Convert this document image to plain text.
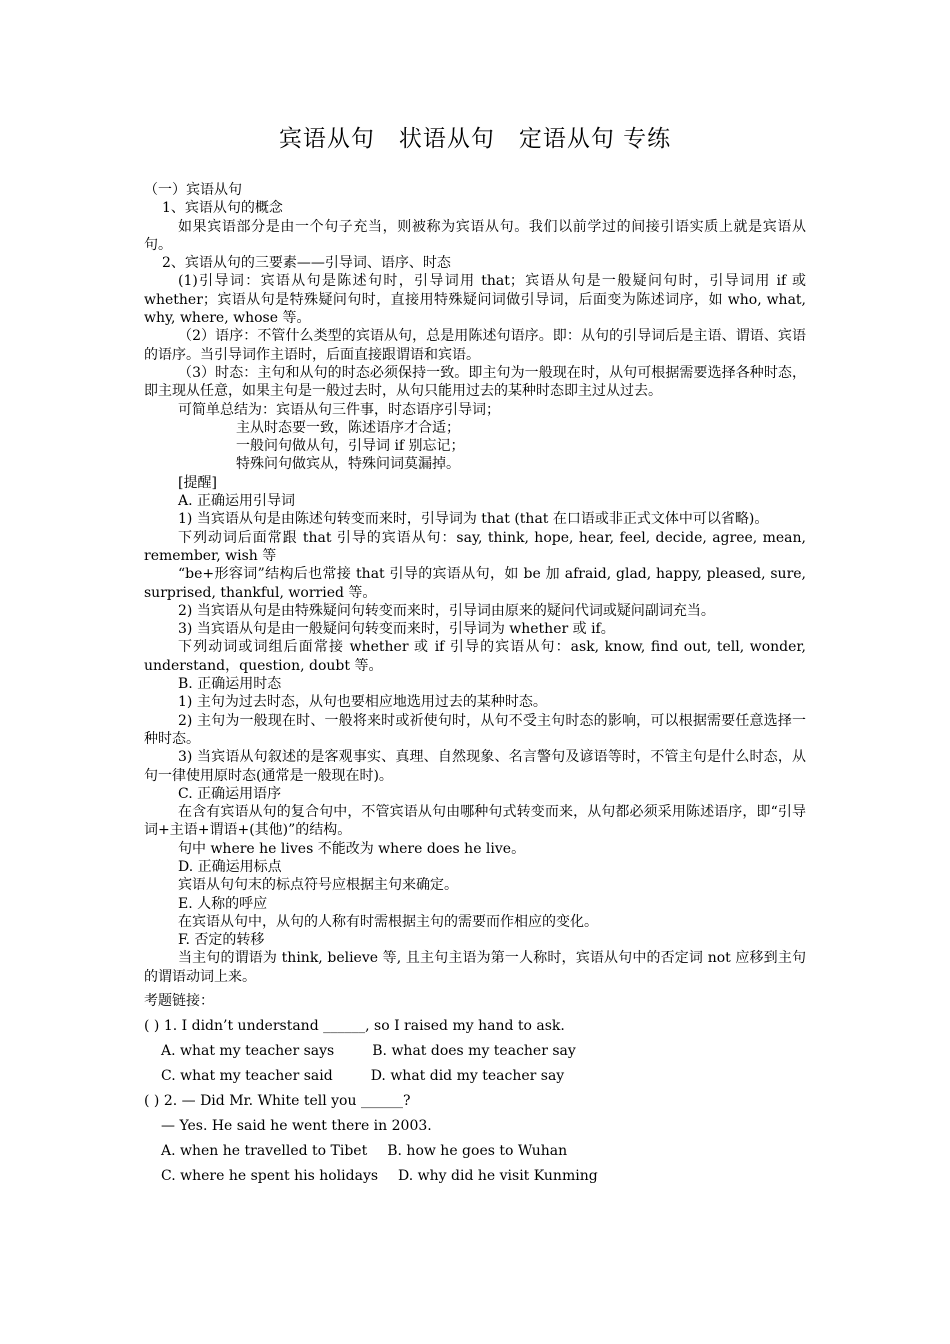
宾语从句　状语从句　定语从句 专练

（一）宾语从句

1、宾语从句的概念

如果宾语部分是由一个句子充当，则被称为宾语从句。我们以前学过的间接引语实质上就是宾语从句。

2、宾语从句的三要素——引导词、语序、时态

(1)引导词：宾语从句是陈述句时，引导词用 that；宾语从句是一般疑问句时，引导词用 if 或 whether；宾语从句是特殊疑问句时，直接用特殊疑问词做引导词，后面变为陈述词序，如 who, what, why, where, whose 等。

（2）语序：不管什么类型的宾语从句，总是用陈述句语序。即：从句的引导词后是主语、谓语、宾语的语序。当引导词作主语时，后面直接跟谓语和宾语。

（3）时态：主句和从句的时态必须保持一致。即主句为一般现在时，从句可根据需要选择各种时态，即主现从任意，如果主句是一般过去时，从句只能用过去的某种时态即主过从过去。

可简单总结为：宾语从句三件事，时态语序引导词；

主从时态要一致，陈述语序才合适；

一般问句做从句，引导词 if 别忘记；

特殊问句做宾从，特殊问词莫漏掉。

[提醒]

A. 正确运用引导词

1) 当宾语从句是由陈述句转变而来时，引导词为 that (that 在口语或非正式文体中可以省略)。

下列动词后面常跟 that 引导的宾语从句：say, think, hope, hear, feel, decide, agree, mean, remember, wish 等

“be+形容词”结构后也常接 that 引导的宾语从句，如 be 加 afraid, glad, happy, pleased, sure, surprised, thankful, worried 等。

2) 当宾语从句是由特殊疑问句转变而来时，引导词由原来的疑问代词或疑问副词充当。

3) 当宾语从句是由一般疑问句转变而来时，引导词为 whether 或 if。

下列动词或词组后面常接 whether 或 if 引导的宾语从句：ask, know, find out, tell, wonder, understand，question, doubt 等。

B. 正确运用时态

1) 主句为过去时态，从句也要相应地选用过去的某种时态。

2) 主句为一般现在时、一般将来时或祈使句时，从句不受主句时态的影响，可以根据需要任意选择一种时态。

3) 当宾语从句叙述的是客观事实、真理、自然现象、名言警句及谚语等时，不管主句是什么时态，从句一律使用原时态(通常是一般现在时)。

C. 正确运用语序

在含有宾语从句的复合句中，不管宾语从句由哪种句式转变而来，从句都必须采用陈述语序，即“引导词+主语+谓语+(其他)”的结构。

句中 where he lives 不能改为 where does he live。

D. 正确运用标点

宾语从句句末的标点符号应根据主句来确定。

E. 人称的呼应

在宾语从句中，从句的人称有时需根据主句的需要而作相应的变化。

F. 否定的转移

当主句的谓语为 think, believe 等, 且主句主语为第一人称时，宾语从句中的否定词 not 应移到主句的谓语动词上来。

考题链接：

( ) 1. I didn’t understand ______, so I raised my hand to ask.

A. what my teacher says	B. what does my teacher say

C. what my teacher said	D. what did my teacher say

( ) 2. — Did Mr. White tell you ______?

— Yes. He said he went there in 2003.

A. when he travelled to Tibet B. how he goes to Wuhan

C. where he spent his holidays D. why did he visit Kunming
